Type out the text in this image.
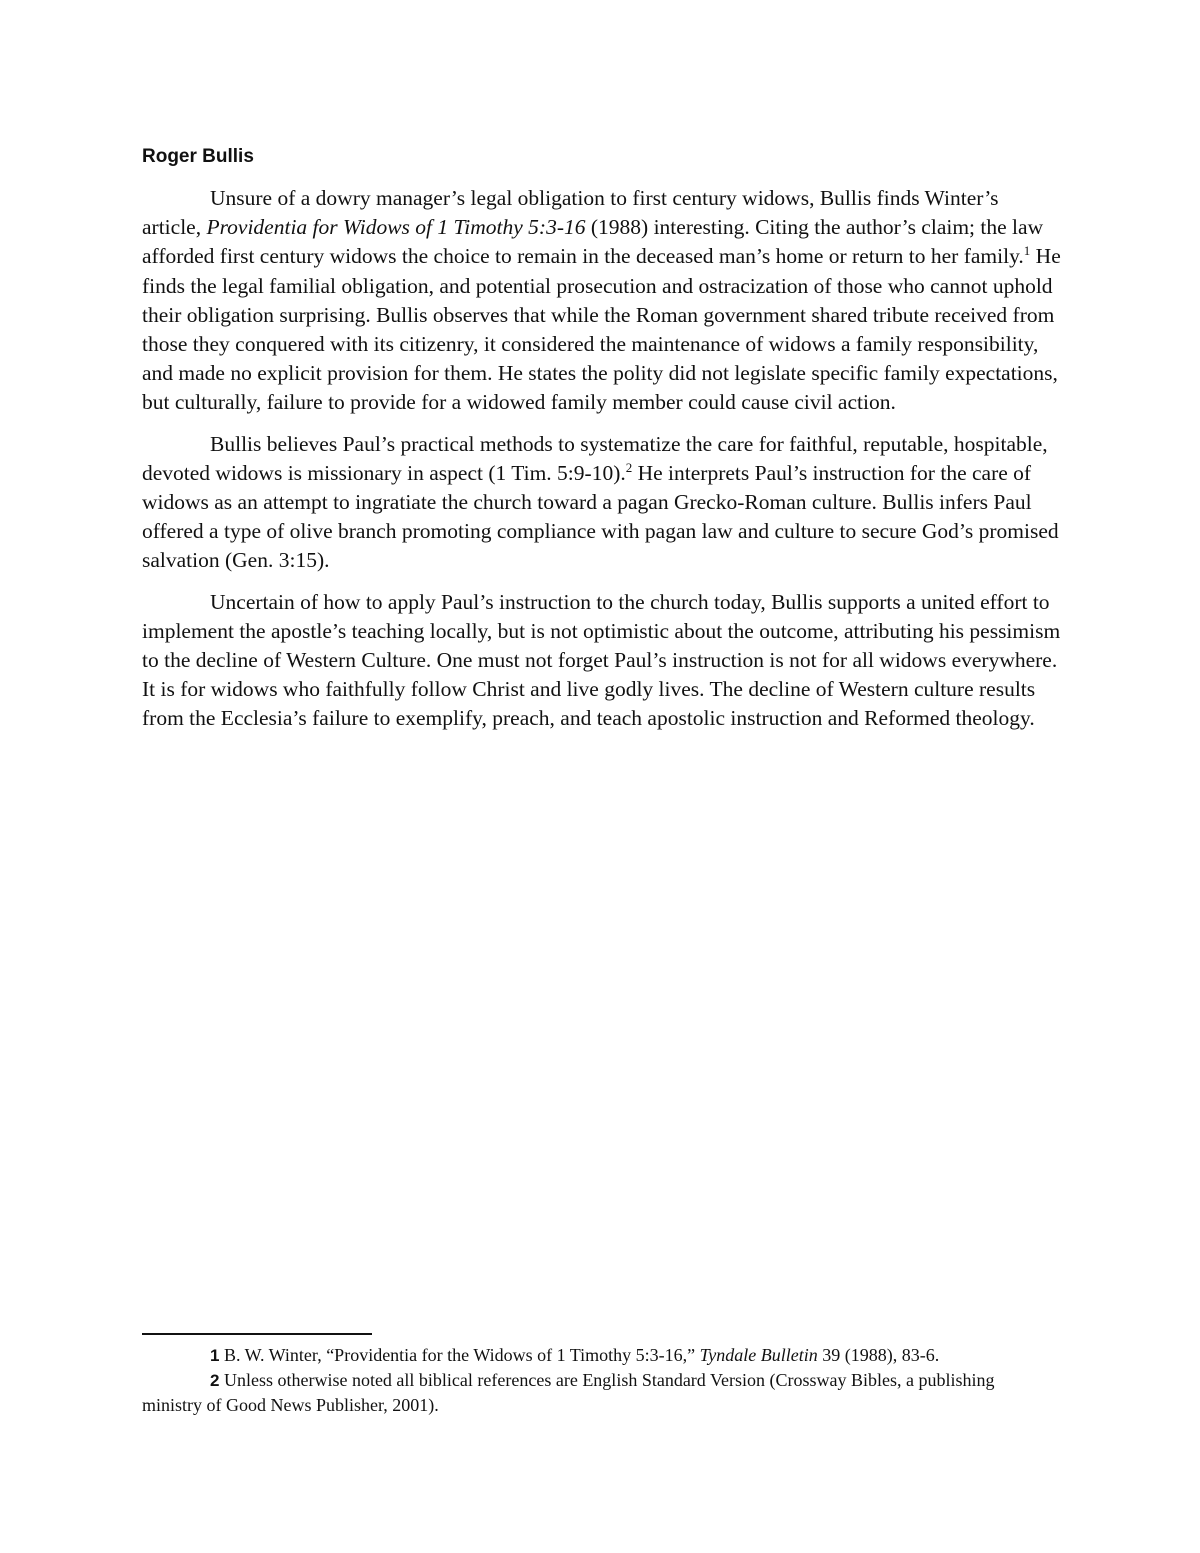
Roger Bullis

Unsure of a dowry manager’s legal obligation to first century widows, Bullis finds Winter’s article, Providentia for Widows of 1 Timothy 5:3-16 (1988) interesting. Citing the author’s claim; the law afforded first century widows the choice to remain in the deceased man’s home or return to her family.$^1$ He finds the legal familial obligation, and potential prosecution and ostracization of those who cannot uphold their obligation surprising. Bullis observes that while the Roman government shared tribute received from those they conquered with its citizenry, it considered the maintenance of widows a family responsibility, and made no explicit provision for them. He states the polity did not legislate specific family expectations, but culturally, failure to provide for a widowed family member could cause civil action.

Bullis believes Paul’s practical methods to systematize the care for faithful, reputable, hospitable, devoted widows is missionary in aspect (1 Tim. 5:9-10).$^2$ He interprets Paul’s instruction for the care of widows as an attempt to ingratiate the church toward a pagan Grecko-Roman culture. Bullis infers Paul offered a type of olive branch promoting compliance with pagan law and culture to secure God’s promised salvation (Gen. 3:15).

Uncertain of how to apply Paul’s instruction to the church today, Bullis supports a united effort to implement the apostle’s teaching locally, but is not optimistic about the outcome, attributing his pessimism to the decline of Western Culture. One must not forget Paul’s instruction is not for all widows everywhere. It is for widows who faithfully follow Christ and live godly lives. The decline of Western culture results from the Ecclesia’s failure to exemplify, preach, and teach apostolic instruction and Reformed theology.

1 B. W. Winter, “Providentia for the Widows of 1 Timothy 5:3-16,” Tyndale Bulletin 39 (1988), 83-6.

2 Unless otherwise noted all biblical references are English Standard Version (Crossway Bibles, a publishing ministry of Good News Publisher, 2001).
